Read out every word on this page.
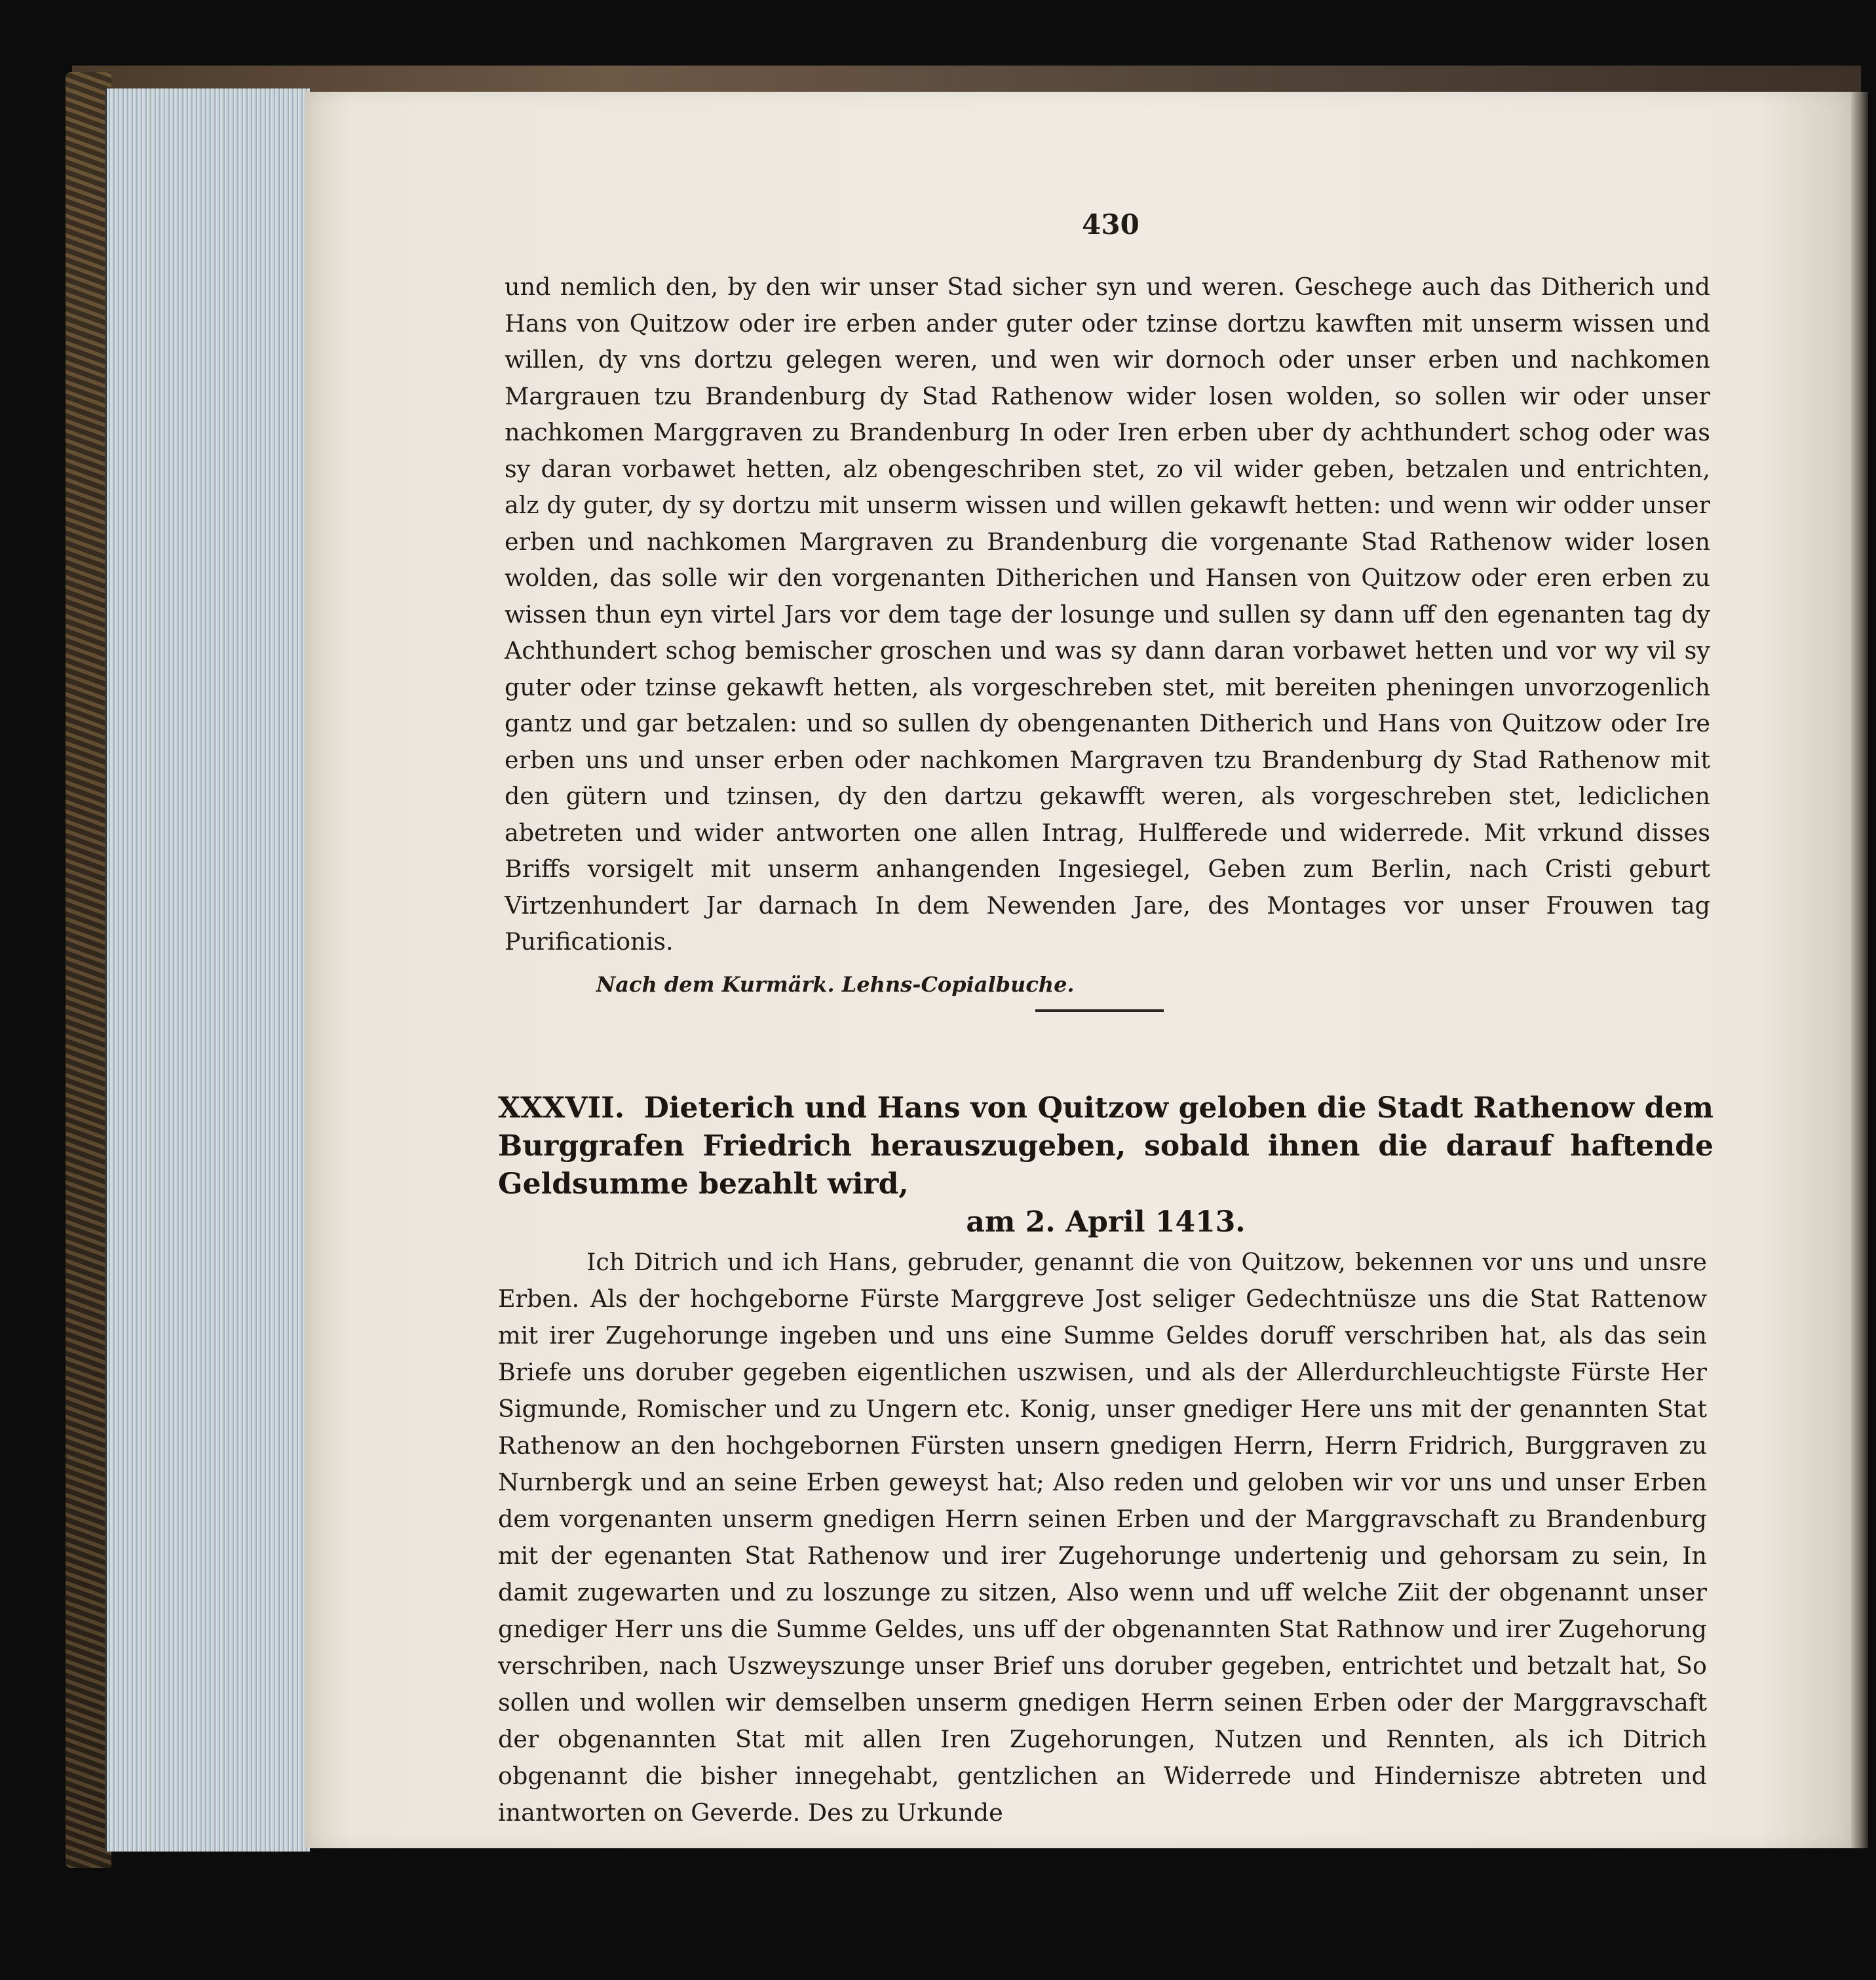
430

und nemlich den, by den wir unser Stad sicher syn und weren. Geschege auch das Ditherich und Hans von Quitzow oder ire erben ander guter oder tzinse dortzu kawften mit unserm wissen und willen, dy vns dortzu gelegen weren, und wen wir dornoch oder unser erben und nachkomen Margrauen tzu Brandenburg dy Stad Rathenow wider losen wolden, so sollen wir oder unser nachkomen Marggraven zu Brandenburg In oder Iren erben uber dy achthundert schog oder was sy daran vorbawet hetten, alz obengeschriben stet, zo vil wider geben, betzalen und entrichten, alz dy guter, dy sy dortzu mit unserm wissen und willen gekawft hetten: und wenn wir odder unser erben und nachkomen Margraven zu Brandenburg die vorgenante Stad Rathenow wider losen wolden, das solle wir den vorgenanten Ditherichen und Hansen von Quitzow oder eren erben zu wissen thun eyn virtel Jars vor dem tage der losunge und sullen sy dann uff den egenanten tag dy Achthundert schog bemischer groschen und was sy dann daran vorbawet hetten und vor wy vil sy guter oder tzinse gekawft hetten, als vorgeschreben stet, mit bereiten pheningen unvorzogenlich gantz und gar betzalen: und so sullen dy obengenanten Ditherich und Hans von Quitzow oder Ire erben uns und unser erben oder nachkomen Margraven tzu Brandenburg dy Stad Rathenow mit den gütern und tzinsen, dy den dartzu gekawfft weren, als vorgeschreben stet, lediclichen abetreten und wider antworten one allen Intrag, Hulfferede und widerrede. Mit vrkund disses Briffs vorsigelt mit unserm anhangenden Ingesiegel, Geben zum Berlin, nach Cristi geburt Virtzenhundert Jar darnach In dem Newenden Jare, des Montages vor unser Frouwen tag Purificationis.

Nach dem Kurmärk. Lehns-Copialbuche.
XXXVII. Dieterich und Hans von Quitzow geloben die Stadt Rathenow dem Burggrafen Friedrich herauszugeben, sobald ihnen die darauf haftende Geldsumme bezahlt wird,
am 2. April 1413.

Ich Ditrich und ich Hans, gebruder, genannt die von Quitzow, bekennen vor uns und unsre Erben. Als der hochgeborne Fürste Marggreve Jost seliger Gedechtnüsze uns die Stat Rattenow mit irer Zugehorunge ingeben und uns eine Summe Geldes doruff verschriben hat, als das sein Briefe uns doruber gegeben eigentlichen uszwisen, und als der Allerdurchleuchtigste Fürste Her Sigmunde, Romischer und zu Ungern etc. Konig, unser gnediger Here uns mit der genannten Stat Rathenow an den hochgebornen Fürsten unsern gnedigen Herrn, Herrn Fridrich, Burggraven zu Nurnbergk und an seine Erben geweyst hat; Also reden und geloben wir vor uns und unser Erben dem vorgenanten unserm gnedigen Herrn seinen Erben und der Marggravschaft zu Brandenburg mit der egenanten Stat Rathenow und irer Zugehorunge undertenig und gehorsam zu sein, In damit zugewarten und zu loszunge zu sitzen, Also wenn und uff welche Ziit der obgenannt unser gnediger Herr uns die Summe Geldes, uns uff der obgenannten Stat Rathnow und irer Zugehorung verschriben, nach Uszweyszunge unser Brief uns doruber gegeben, entrichtet und betzalt hat, So sollen und wollen wir demselben unserm gnedigen Herrn seinen Erben oder der Marggravschaft der obgenannten Stat mit allen Iren Zugehorungen, Nutzen und Rennten, als ich Ditrich obgenannt die bisher innegehabt, gentzlichen an Widerrede und Hindernisze abtreten und inantworten on Geverde. Des zu Urkunde
